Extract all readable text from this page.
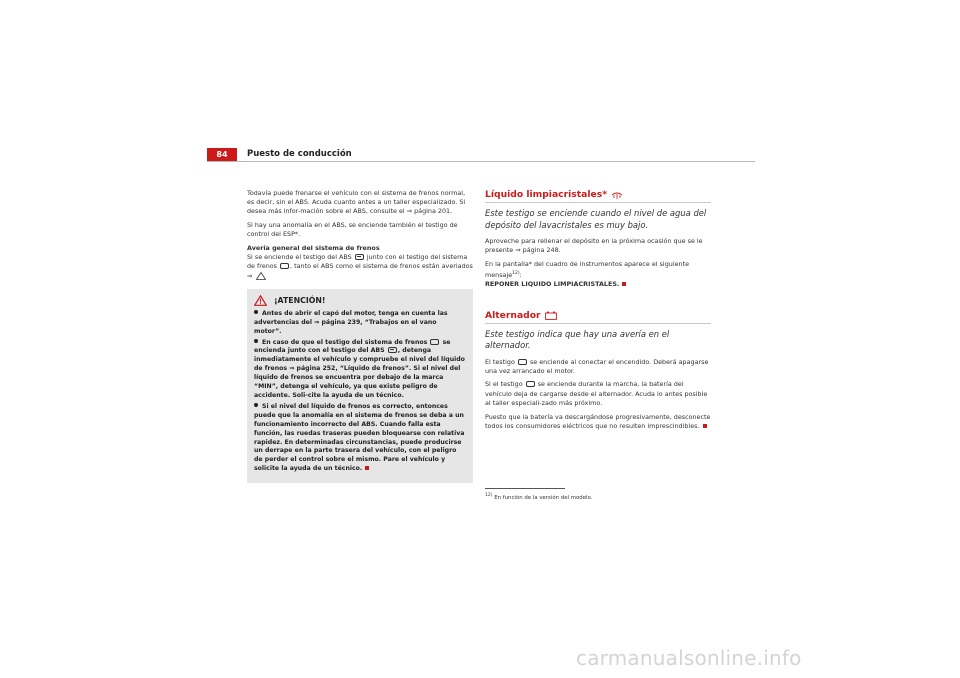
84	Puesto de conducción

Todavía puede frenarse el vehículo con el sistema de frenos normal, es decir, sin el ABS. Acuda cuanto antes a un taller especializado. Si desea más infor-mación sobre el ABS, consulte el ⇒ página 201.

Si hay una anomalía en el ABS, se enciende también el testigo de control del ESP*.

Avería general del sistema de frenos

Si se enciende el testigo del ABS junto con el testigo del sistema de frenos , tanto el ABS como el sistema de frenos están averiados ⇒

¡ATENCIÓN!

Antes de abrir el capó del motor, tenga en cuenta las advertencias del ⇒ página 239, “Trabajos en el vano motor”.

En caso de que el testigo del sistema de frenos se encienda junto con el testigo del ABS , detenga inmediatamente el vehículo y compruebe el nivel del líquido de frenos ⇒ página 252, “Líquido de frenos”. Si el nivel del líquido de frenos se encuentra por debajo de la marca “MIN”, detenga el vehículo, ya que existe peligro de accidente. Soli-cite la ayuda de un técnico.

Si el nivel del líquido de frenos es correcto, entonces puede que la anomalía en el sistema de frenos se deba a un funcionamiento incorrecto del ABS. Cuando falla esta función, las ruedas traseras pueden bloquearse con relativa rapidez. En determinadas circunstancias, puede producirse un derrape en la parte trasera del vehículo, con el peligro de perder el control sobre el mismo. Pare el vehículo y solicite la ayuda de un técnico.

Líquido limpiacristales*

Este testigo se enciende cuando el nivel de agua del depósito del lavacristales es muy bajo.

Aproveche para rellenar el depósito en la próxima ocasión que se le presente ⇒ página 248.

En la pantalla* del cuadro de instrumentos aparece el siguiente mensaje$^{12)}$:
REPONER LIQUIDO LIMPIACRISTALES.

Alternador

Este testigo indica que hay una avería en el alternador.

El testigo se enciende al conectar el encendido. Deberá apagarse una vez arrancado el motor.

Si el testigo se enciende durante la marcha, la batería del vehículo deja de cargarse desde el alternador. Acuda lo antes posible al taller especiali-zado más próximo.

Puesto que la batería va descargándose progresivamente, desconecte todos los consumidores eléctricos que no resulten imprescindibles.

$^{12)}$ En función de la versión del modelo.
carmanualsonline.info
